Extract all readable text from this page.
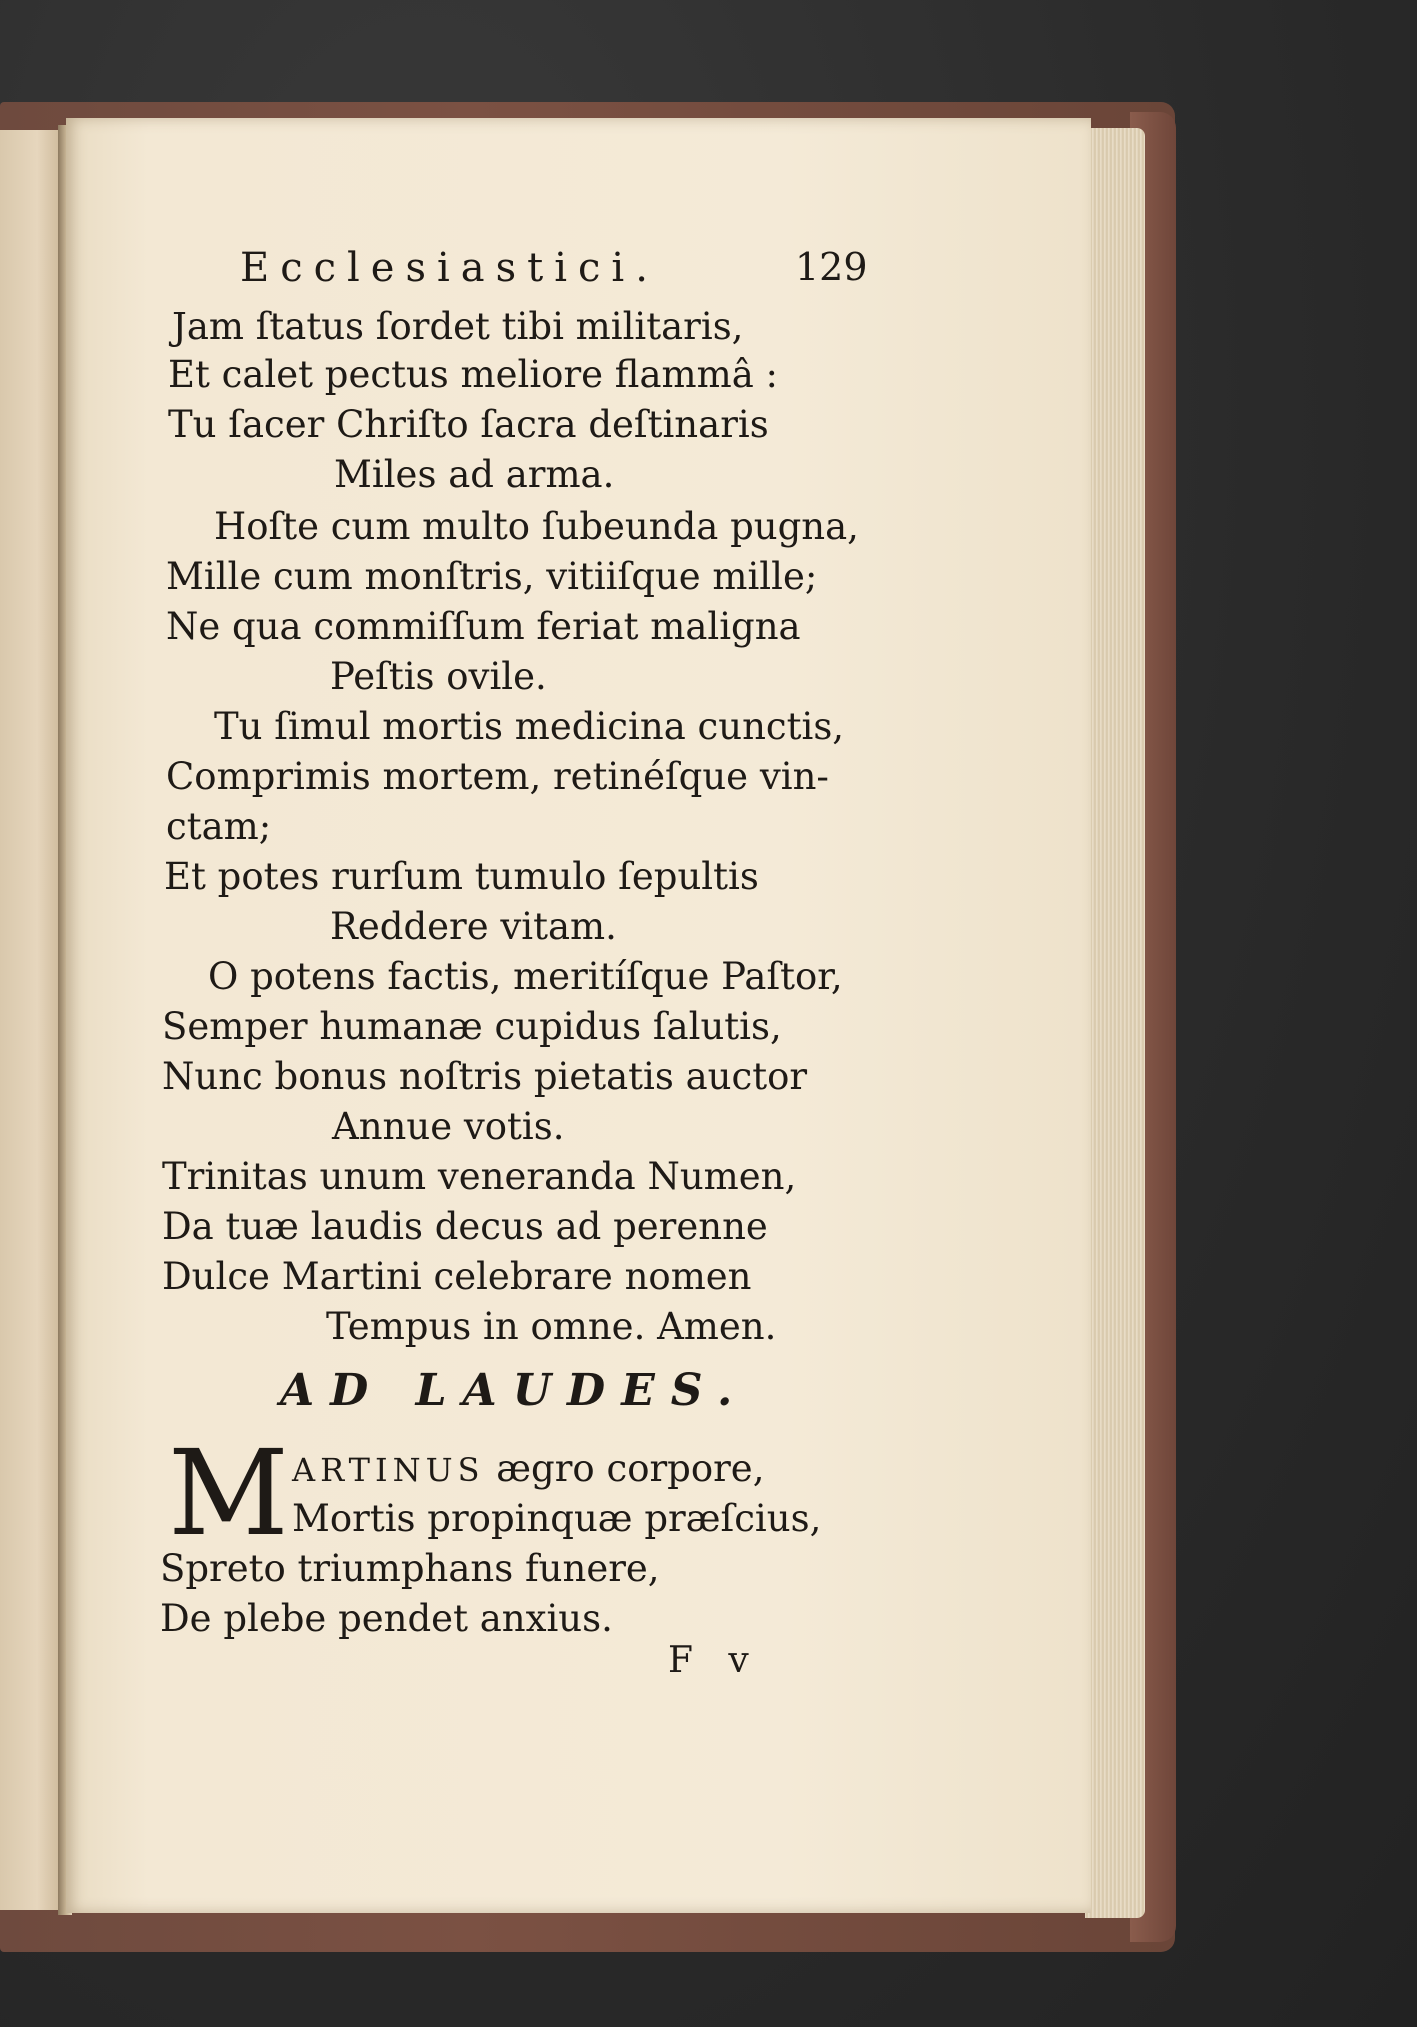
Ecclesiastici.	129
Jam ſtatus ſordet tibi militaris,
Et calet pectus meliore flammâ :
Tu ſacer Chriſto ſacra deſtinaris
Miles ad arma.
Hoſte cum multo ſubeunda pugna,
Mille cum monſtris, vitiiſque mille;
Ne qua commiſſum feriat maligna
Peſtis ovile.
Tu ſimul mortis medicina cunctis,
Comprimis mortem, retinéſque vin-
ctam;
Et potes rurſum tumulo ſepultis
Reddere vitam.
O potens factis, meritíſque Paſtor,
Semper humanæ cupidus ſalutis,
Nunc bonus noſtris pietatis auctor
Annue votis.
Trinitas unum veneranda Numen,
Da tuæ laudis decus ad perenne
Dulce Martini celebrare nomen
Tempus in omne. Amen.
AD LAUDES.
M ARTINUS ægro corpore,
Mortis propinquæ præſcius,
Spreto triumphans funere,
De plebe pendet anxius.
F v
